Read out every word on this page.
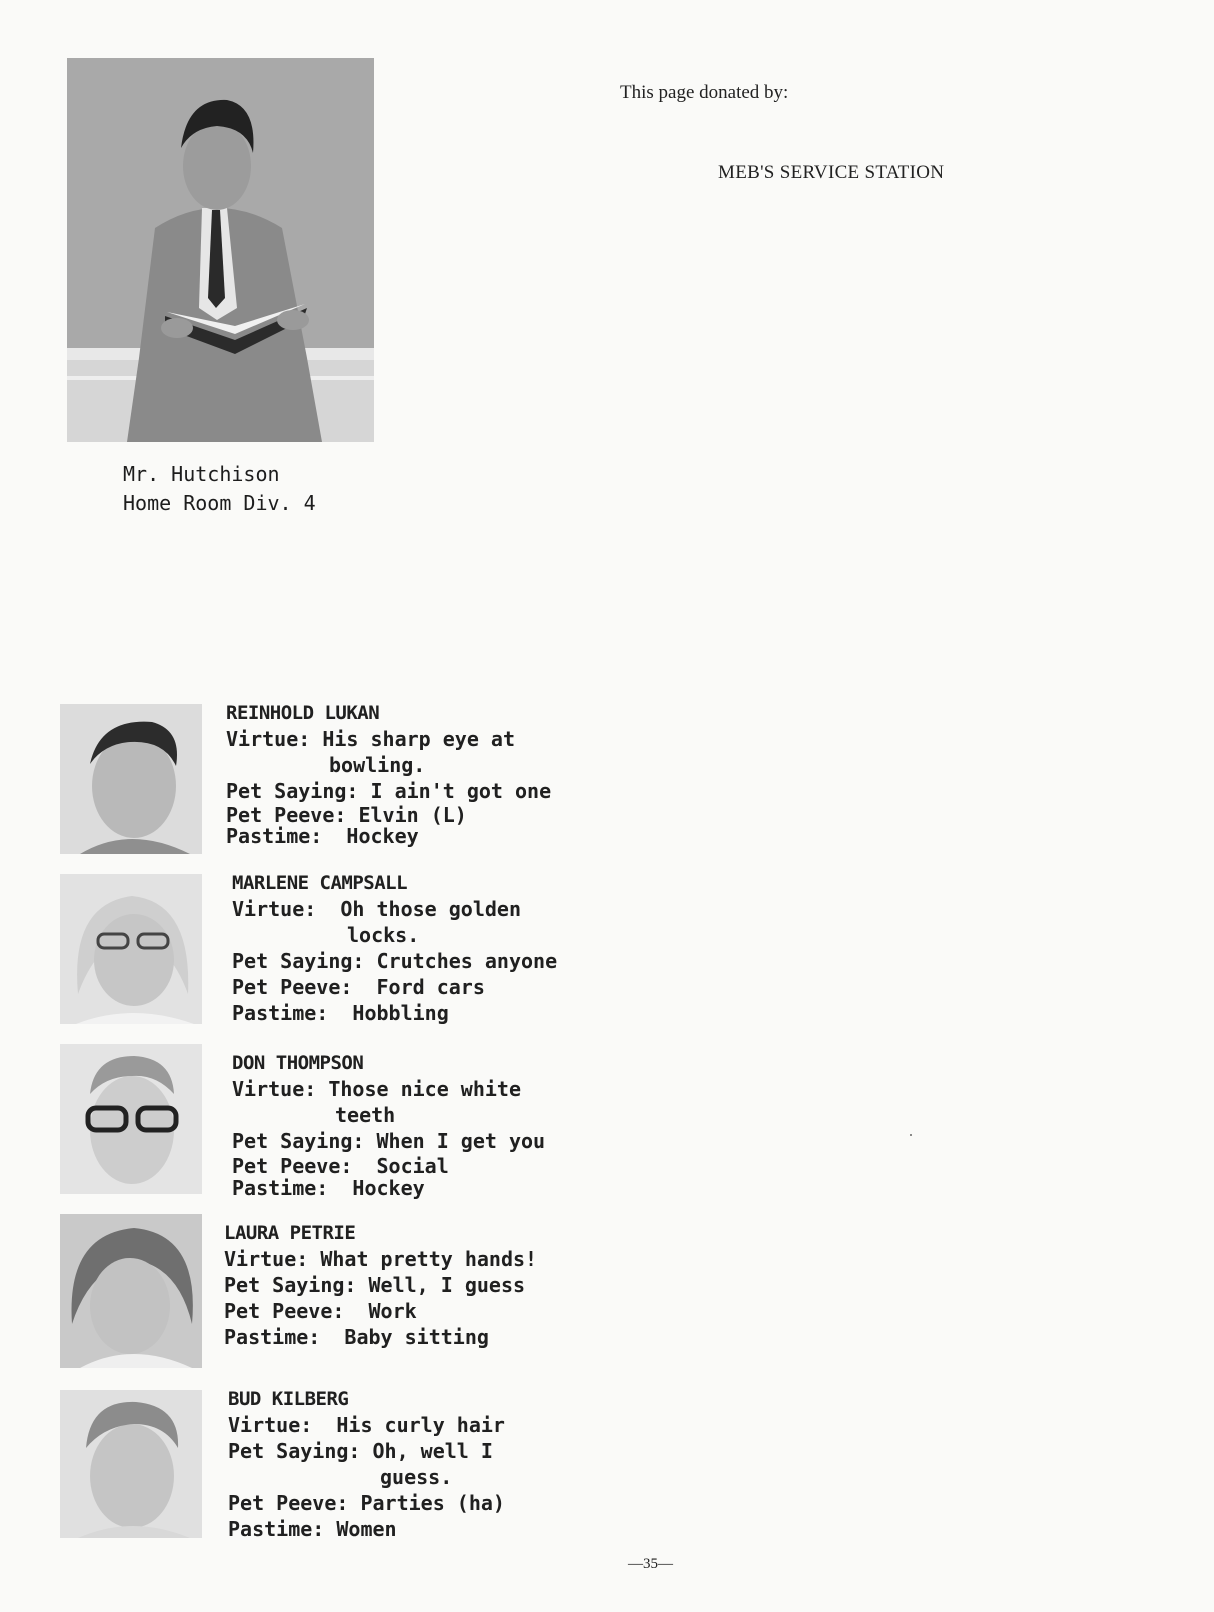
Mr. Hutchison
Home Room Div. 4
This page donated by:
MEB'S SERVICE STATION
REINHOLD LUKAN
Virtue: His sharp eye at
bowling.
Pet Saying: I ain't got one
Pet Peeve: Elvin (L)
Pastime: Hockey
MARLENE CAMPSALL
Virtue: Oh those golden
locks.
Pet Saying: Crutches anyone
Pet Peeve: Ford cars
Pastime: Hobbling
DON THOMPSON
Virtue: Those nice white
teeth
Pet Saying: When I get you
Pet Peeve: Social
Pastime: Hockey
LAURA PETRIE
Virtue: What pretty hands!
Pet Saying: Well, I guess
Pet Peeve: Work
Pastime: Baby sitting
BUD KILBERG
Virtue: His curly hair
Pet Saying: Oh, well I
guess.
Pet Peeve: Parties (ha)
Pastime: Women
—35—
